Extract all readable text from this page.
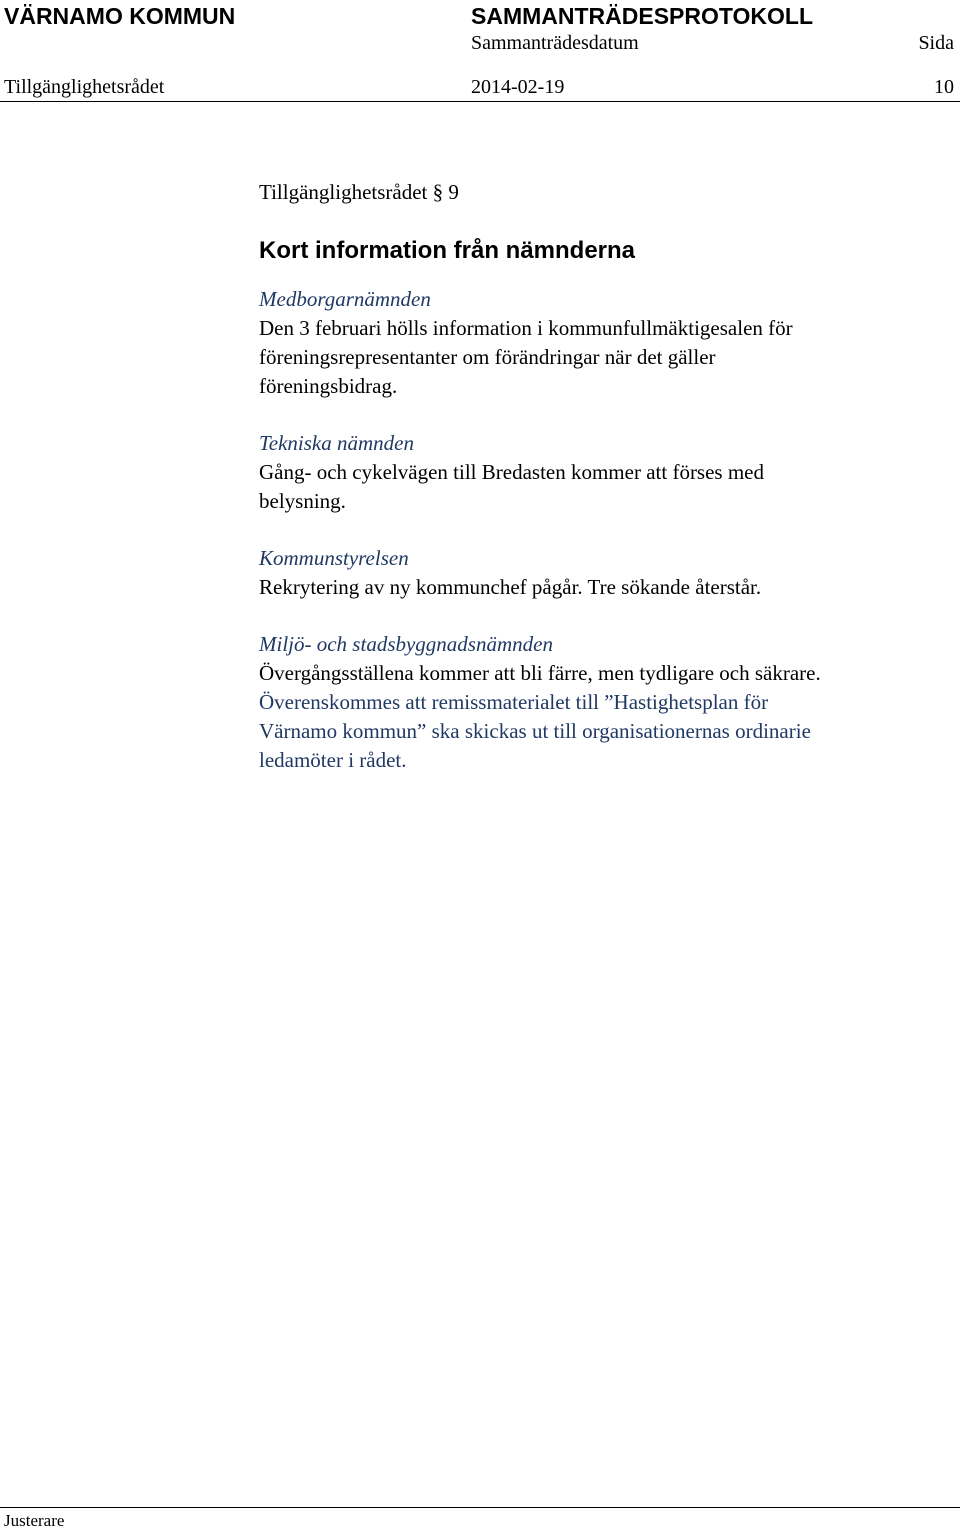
VÄRNAMO KOMMUN	SAMMANTRÄDESPROTOKOLL
Sammanträdesdatum	Sida
Tillgänglighetsrådet	2014-02-19	10
Tillgänglighetsrådet § 9
Kort information från nämnderna
Medborgarnämnden
Den 3 februari hölls information i kommunfullmäktigesalen för
föreningsrepresentanter om förändringar när det gäller
föreningsbidrag.
Tekniska nämnden
Gång- och cykelvägen till Bredasten kommer att förses med
belysning.
Kommunstyrelsen
Rekrytering av ny kommunchef pågår. Tre sökande återstår.
Miljö- och stadsbyggnadsnämnden
Övergångsställena kommer att bli färre, men tydligare och säkrare.
Överenskommes att remissmaterialet till ”Hastighetsplan för
Värnamo kommun” ska skickas ut till organisationernas ordinarie
ledamöter i rådet.
Justerare
